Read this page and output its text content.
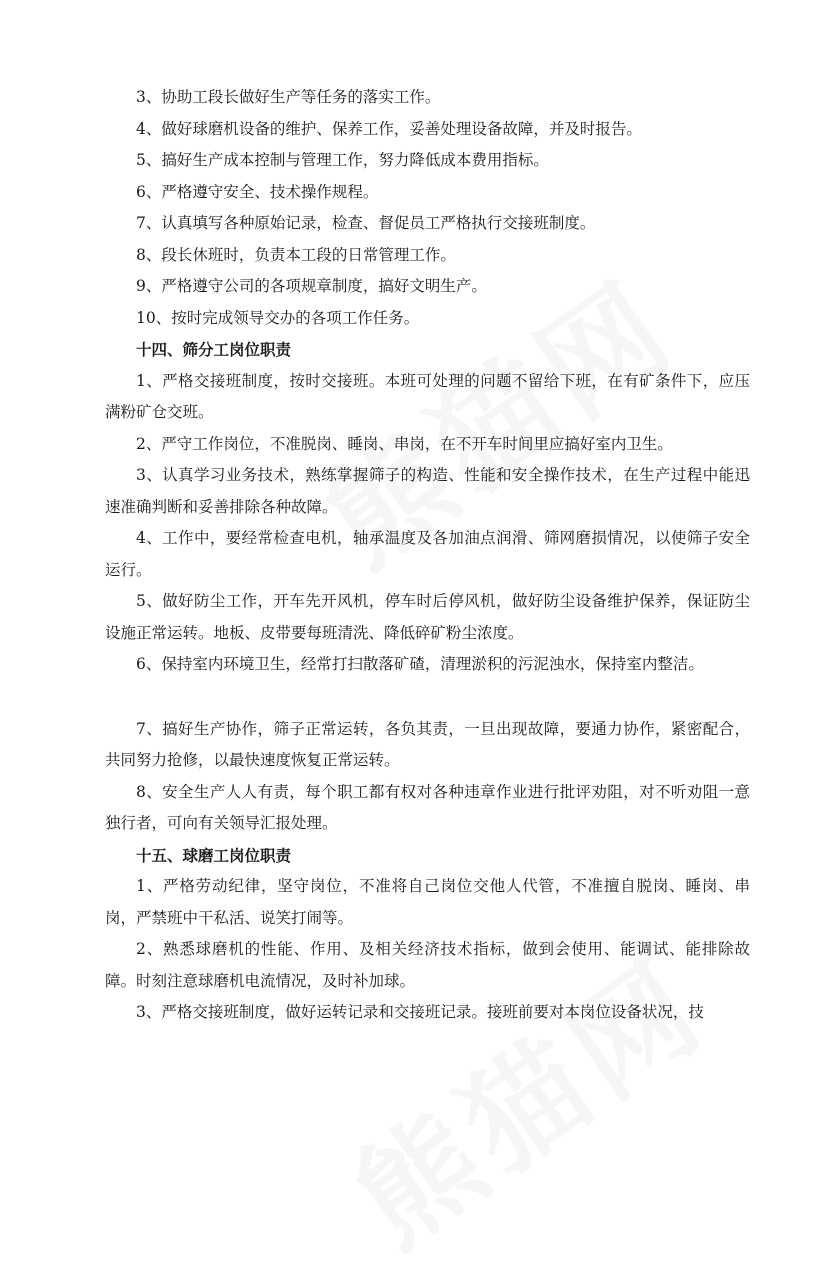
3、协助工段长做好生产等任务的落实工作。

4、做好球磨机设备的维护、保养工作，妥善处理设备故障，并及时报告。

5、搞好生产成本控制与管理工作，努力降低成本费用指标。

6、严格遵守安全、技术操作规程。

7、认真填写各种原始记录，检查、督促员工严格执行交接班制度。

8、段长休班时，负责本工段的日常管理工作。

9、严格遵守公司的各项规章制度，搞好文明生产。

10、按时完成领导交办的各项工作任务。

十四、筛分工岗位职责

1、严格交接班制度，按时交接班。本班可处理的问题不留给下班，在有矿条件下，应压满粉矿仓交班。

2、严守工作岗位，不准脱岗、睡岗、串岗，在不开车时间里应搞好室内卫生。

3、认真学习业务技术，熟练掌握筛子的构造、性能和安全操作技术，在生产过程中能迅速准确判断和妥善排除各种故障。

4、工作中，要经常检查电机，轴承温度及各加油点润滑、筛网磨损情况，以使筛子安全运行。

5、做好防尘工作，开车先开风机，停车时后停风机，做好防尘设备维护保养，保证防尘设施正常运转。地板、皮带要每班清洗、降低碎矿粉尘浓度。

6、保持室内环境卫生，经常打扫散落矿碴，清理淤积的污泥浊水，保持室内整洁。

7、搞好生产协作，筛子正常运转，各负其责，一旦出现故障，要通力协作，紧密配合，共同努力抢修，以最快速度恢复正常运转。

8、安全生产人人有责，每个职工都有权对各种违章作业进行批评劝阻，对不听劝阻一意独行者，可向有关领导汇报处理。

十五、球磨工岗位职责

1、严格劳动纪律，坚守岗位，不准将自己岗位交他人代管，不准擅自脱岗、睡岗、串岗，严禁班中干私活、说笑打闹等。

2、熟悉球磨机的性能、作用、及相关经济技术指标，做到会使用、能调试、能排除故障。时刻注意球磨机电流情况，及时补加球。

3、严格交接班制度，做好运转记录和交接班记录。接班前要对本岗位设备状况，技
